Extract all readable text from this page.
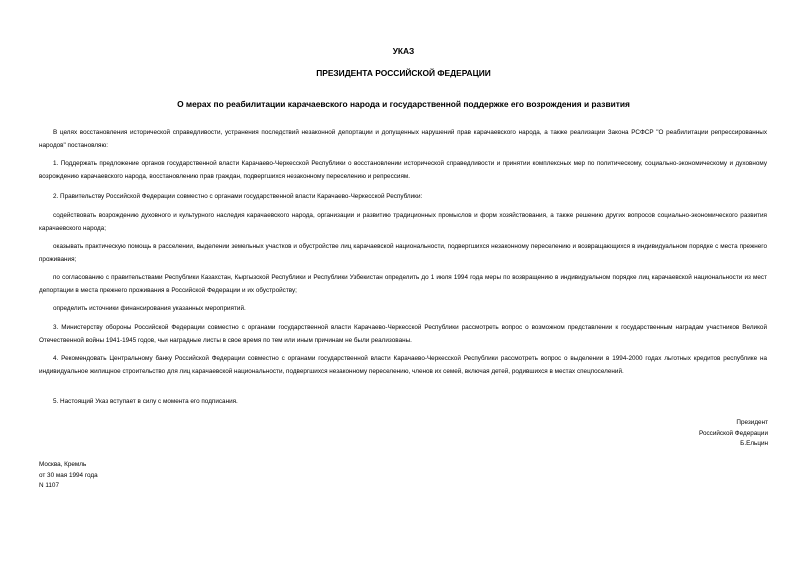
УКАЗ
ПРЕЗИДЕНТА РОССИЙСКОЙ ФЕДЕРАЦИИ
О мерах по реабилитации карачаевского народа и государственной поддержке его возрождения и развития
В целях восстановления исторической справедливости, устранения последствий незаконной депортации и допущенных нарушений прав карачаевского народа, а также реализации Закона РСФСР "О реабилитации репрессированных народов" постановляю:
1. Поддержать предложение органов государственной власти Карачаево-Черкесской Республики о восстановлении исторической справедливости и принятии комплексных мер по политическому, социально-экономическому и духовному возрождению карачаевского народа, восстановлению прав граждан, подвергшихся незаконному переселению и репрессиям.
2. Правительству Российской Федерации совместно с органами государственной власти Карачаево-Черкесской Республики:
содействовать возрождению духовного и культурного наследия карачаевского народа, организации и развитию традиционных промыслов и форм хозяйствования, а также решению других вопросов социально-экономического развития карачаевского народа;
оказывать практическую помощь в расселении, выделении земельных участков и обустройстве лиц карачаевской национальности, подвергшихся незаконному переселению и возвращающихся в индивидуальном порядке с места прежнего проживания;
по согласованию с правительствами Республики Казахстан, Кыргызской Республики и Республики Узбекистан определить до 1 июля 1994 года меры по возвращению в индивидуальном порядке лиц карачаевской национальности из мест депортации в места прежнего проживания в Российской Федерации и их обустройству;
определить источники финансирования указанных мероприятий.
3. Министерству обороны Российской Федерации совместно с органами государственной власти Карачаево-Черкесской Республики рассмотреть вопрос о возможном представлении к государственным наградам участников Великой Отечественной войны 1941-1945 годов, чьи наградные листы в свое время по тем или иным причинам не были реализованы.
4. Рекомендовать Центральному банку Российской Федерации совместно с органами государственной власти Карачаево-Черкесской Республики рассмотреть вопрос о выделении в 1994-2000 годах льготных кредитов республике на индивидуальное жилищное строительство для лиц карачаевской национальности, подвергшихся незаконному переселению, членов их семей, включая детей, родившихся в местах спецпоселений.
5. Настоящий Указ вступает в силу с момента его подписания.
Президент
Российской Федерации
Б.Ельцин
Москва, Кремль
от 30 мая 1994 года
N 1107
